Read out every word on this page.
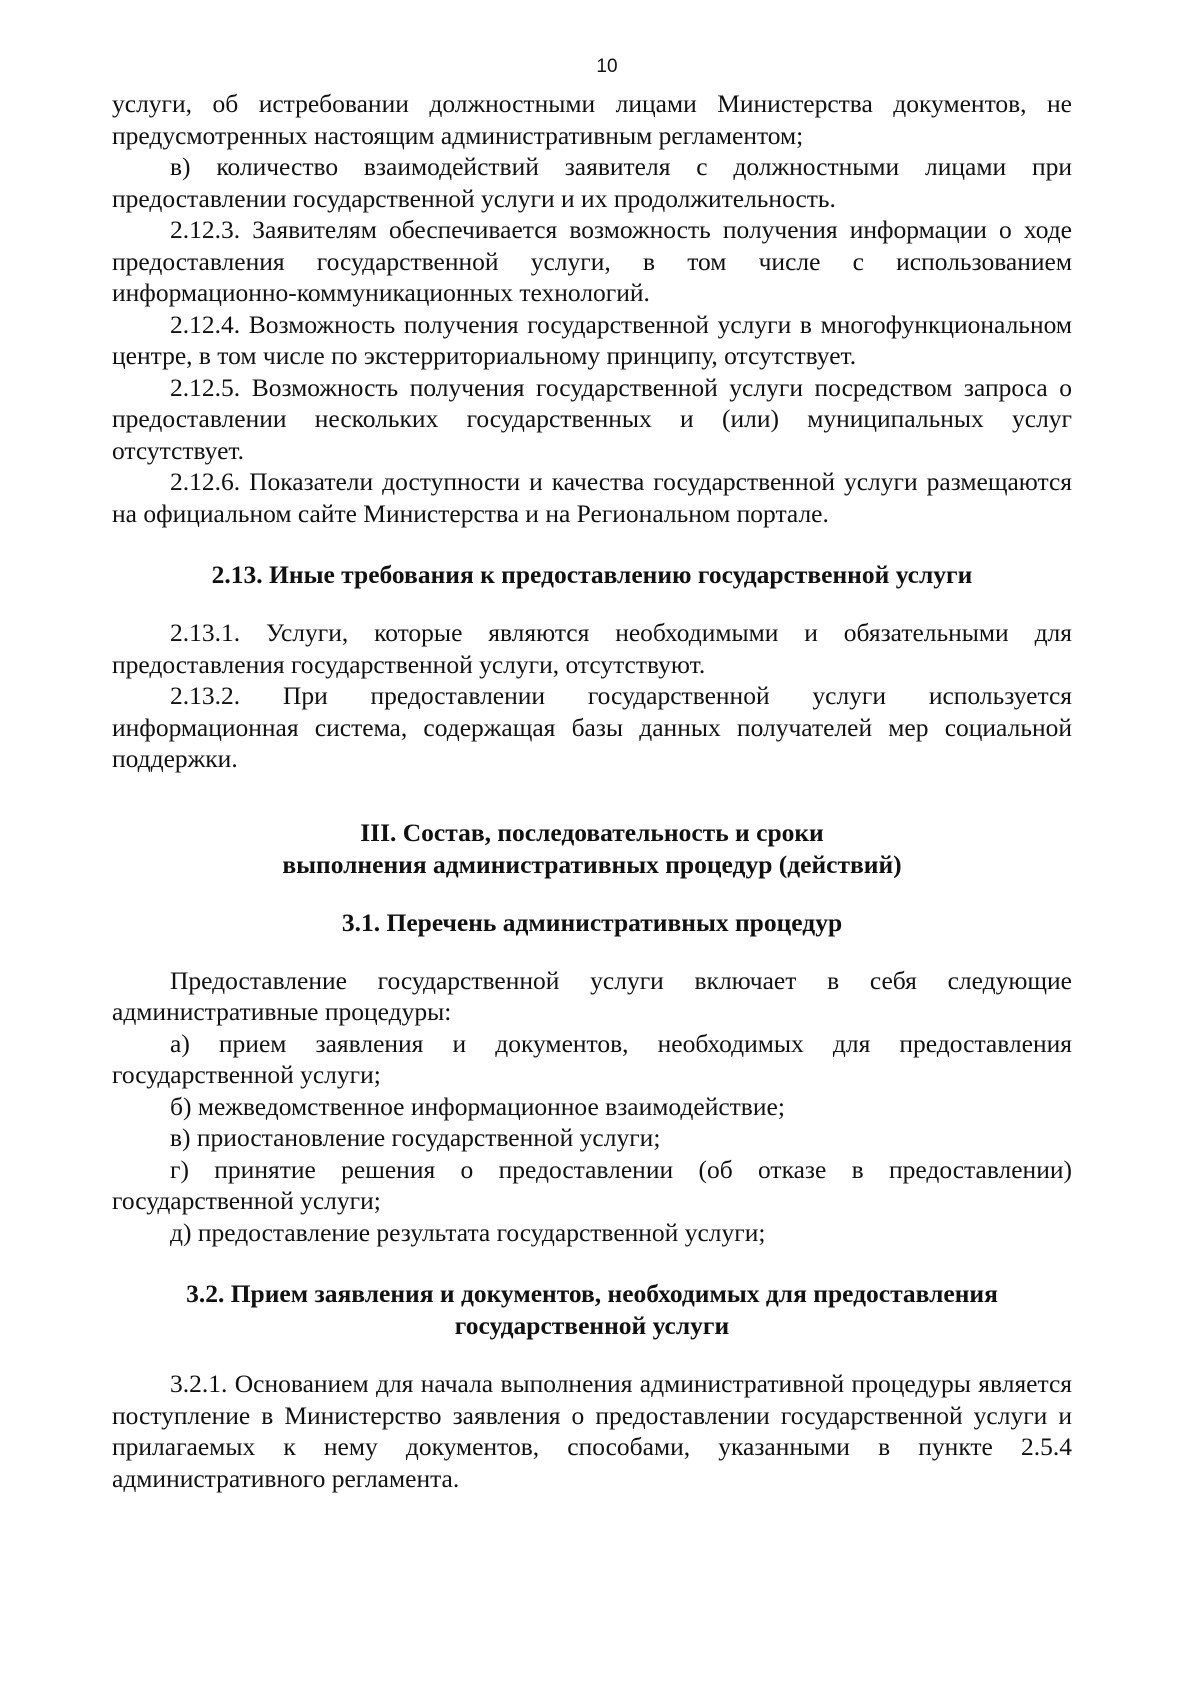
10

услуги, об истребовании должностными лицами Министерства документов, не предусмотренных настоящим административным регламентом;

в) количество взаимодействий заявителя с должностными лицами при предоставлении государственной услуги и их продолжительность.

2.12.3. Заявителям обеспечивается возможность получения информации о ходе предоставления государственной услуги, в том числе с использованием информационно-коммуникационных технологий.

2.12.4. Возможность получения государственной услуги в многофункциональном центре, в том числе по экстерриториальному принципу, отсутствует.

2.12.5. Возможность получения государственной услуги посредством запроса о предоставлении нескольких государственных и (или) муниципальных услуг отсутствует.

2.12.6. Показатели доступности и качества государственной услуги размещаются на официальном сайте Министерства и на Региональном портале.

2.13. Иные требования к предоставлению государственной услуги

2.13.1. Услуги, которые являются необходимыми и обязательными для предоставления государственной услуги, отсутствуют.

2.13.2. При предоставлении государственной услуги используется информационная система, содержащая базы данных получателей мер социальной поддержки.

III. Состав, последовательность и сроки
выполнения административных процедур (действий)
3.1. Перечень административных процедур

Предоставление государственной услуги включает в себя следующие административные процедуры:

а) прием заявления и документов, необходимых для предоставления государственной услуги;

б) межведомственное информационное взаимодействие;

в) приостановление государственной услуги;

г) принятие решения о предоставлении (об отказе в предоставлении) государственной услуги;

д) предоставление результата государственной услуги;

3.2. Прием заявления и документов, необходимых для предоставления
государственной услуги

3.2.1. Основанием для начала выполнения административной процедуры является поступление в Министерство заявления о предоставлении государственной услуги и прилагаемых к нему документов, способами, указанными в пункте 2.5.4 административного регламента.
